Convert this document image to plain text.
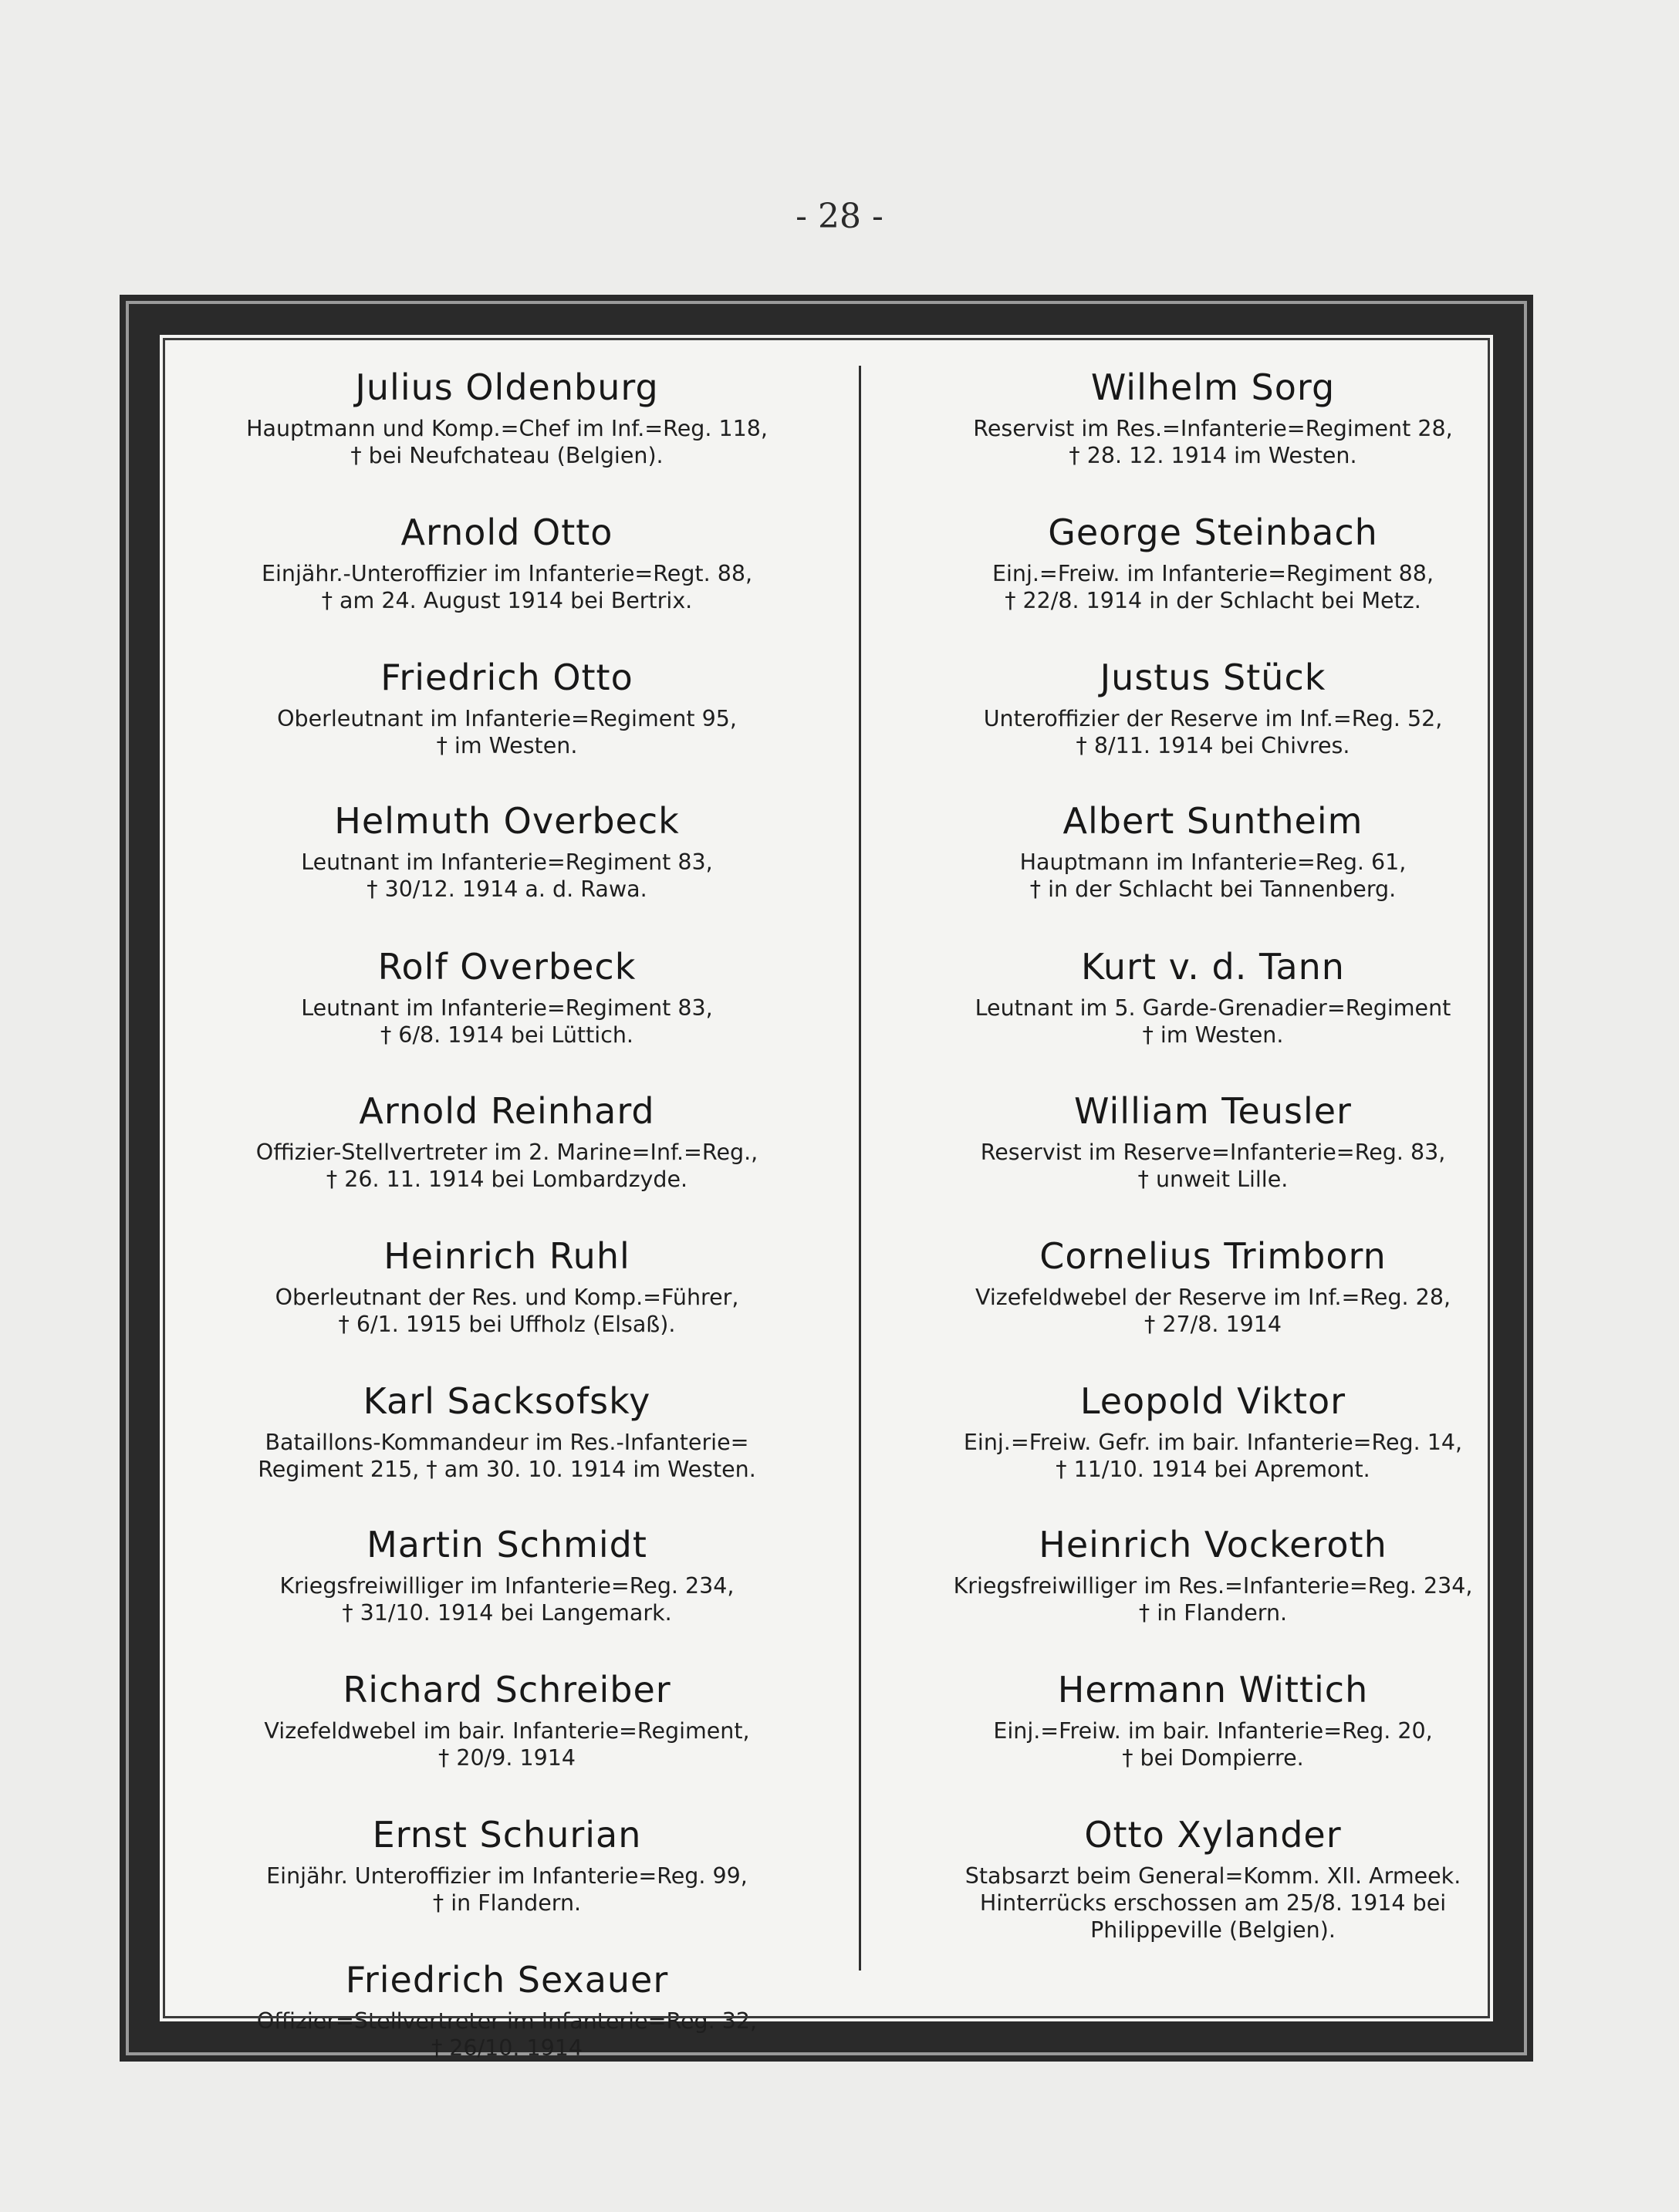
- 28 -
Julius Oldenburg
Hauptmann und Komp.=Chef im Inf.=Reg. 118,
† bei Neufchateau (Belgien).
Arnold Otto
Einjähr.-Unteroffizier im Infanterie=Regt. 88,
† am 24. August 1914 bei Bertrix.
Friedrich Otto
Oberleutnant im Infanterie=Regiment 95,
† im Westen.
Helmuth Overbeck
Leutnant im Infanterie=Regiment 83,
† 30/12. 1914 a. d. Rawa.
Rolf Overbeck
Leutnant im Infanterie=Regiment 83,
† 6/8. 1914 bei Lüttich.
Arnold Reinhard
Offizier-Stellvertreter im 2. Marine=Inf.=Reg.,
† 26. 11. 1914 bei Lombardzyde.
Heinrich Ruhl
Oberleutnant der Res. und Komp.=Führer,
† 6/1. 1915 bei Uffholz (Elsaß).
Karl Sacksofsky
Bataillons-Kommandeur im Res.-Infanterie=
Regiment 215, † am 30. 10. 1914 im Westen.
Martin Schmidt
Kriegsfreiwilliger im Infanterie=Reg. 234,
† 31/10. 1914 bei Langemark.
Richard Schreiber
Vizefeldwebel im bair. Infanterie=Regiment,
† 20/9. 1914
Ernst Schurian
Einjähr. Unteroffizier im Infanterie=Reg. 99,
† in Flandern.
Friedrich Sexauer
Offizier=Stellvertreter im Infanterie=Reg. 32,
† 26/10. 1914
Wilhelm Sorg
Reservist im Res.=Infanterie=Regiment 28,
† 28. 12. 1914 im Westen.
George Steinbach
Einj.=Freiw. im Infanterie=Regiment 88,
† 22/8. 1914 in der Schlacht bei Metz.
Justus Stück
Unteroffizier der Reserve im Inf.=Reg. 52,
† 8/11. 1914 bei Chivres.
Albert Suntheim
Hauptmann im Infanterie=Reg. 61,
† in der Schlacht bei Tannenberg.
Kurt v. d. Tann
Leutnant im 5. Garde-Grenadier=Regiment
† im Westen.
William Teusler
Reservist im Reserve=Infanterie=Reg. 83,
† unweit Lille.
Cornelius Trimborn
Vizefeldwebel der Reserve im Inf.=Reg. 28,
† 27/8. 1914
Leopold Viktor
Einj.=Freiw. Gefr. im bair. Infanterie=Reg. 14,
† 11/10. 1914 bei Apremont.
Heinrich Vockeroth
Kriegsfreiwilliger im Res.=Infanterie=Reg. 234,
† in Flandern.
Hermann Wittich
Einj.=Freiw. im bair. Infanterie=Reg. 20,
† bei Dompierre.
Otto Xylander
Stabsarzt beim General=Komm. XII. Armeek.
Hinterrücks erschossen am 25/8. 1914 bei
Philippeville (Belgien).
